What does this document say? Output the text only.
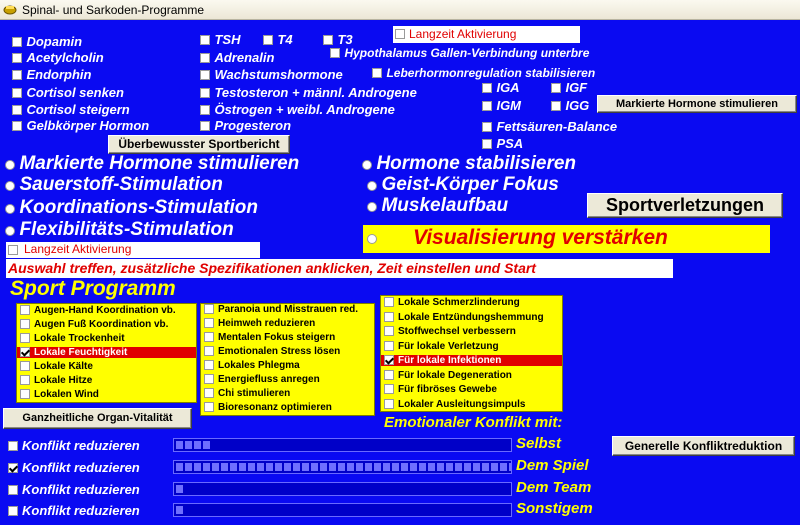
Spinal- und Sarkoden-Programme
Dopamin
Acetylcholin
Endorphin
Cortisol senken
Cortisol steigern
Gelbkörper Hormon
TSH	T4	T3
Adrenalin
Wachstumshormone
Testosteron + männl. Androgene
Östrogen + weibl. Androgene
Progesteron
Langzeit Aktivierung
Hypothalamus Gallen-Verbindung unterbre
Leberhormonregulation stabilisieren
IGA	IGF
IGM	IGG	Markierte Hormone stimulieren
Fettsäuren-Balance
PSA
Überbewusster Sportbericht
Markierte Hormone stimulieren
Sauerstoff-Stimulation
Koordinations-Stimulation
Flexibilitäts-Stimulation
Hormone stabilisieren
Geist-Körper Fokus
Muskelaufbau	Sportverletzungen
Visualisierung verstärken
Langzeit Aktivierung
Auswahl treffen, zusätzliche Spezifikationen anklicken, Zeit einstellen und Start
Sport Programm
Augen-Hand Koordination vb.
Augen Fuß Koordination vb.
Lokale Trockenheit
Lokale Feuchtigkeit
Lokale Kälte
Lokale Hitze
Lokalen Wind
Paranoia und Misstrauen red.
Heimweh reduzieren
Mentalen Fokus steigern
Emotionalen Stress lösen
Lokales Phlegma
Energiefluss anregen
Chi stimulieren
Bioresonanz optimieren
Lokale Schmerzlinderung
Lokale Entzündungshemmung
Stoffwechsel verbessern
Für lokale Verletzung
Für lokale Infektionen
Für lokale Degeneration
Für fibröses Gewebe
Lokaler Ausleitungsimpuls
Ganzheitliche Organ-Vitalität	Emotionaler Konflikt mit:
Generelle Konfliktreduktion
Konflikt reduzieren	Selbst
Konflikt reduzieren	Dem Spiel
Konflikt reduzieren	Dem Team
Konflikt reduzieren	Sonstigem
